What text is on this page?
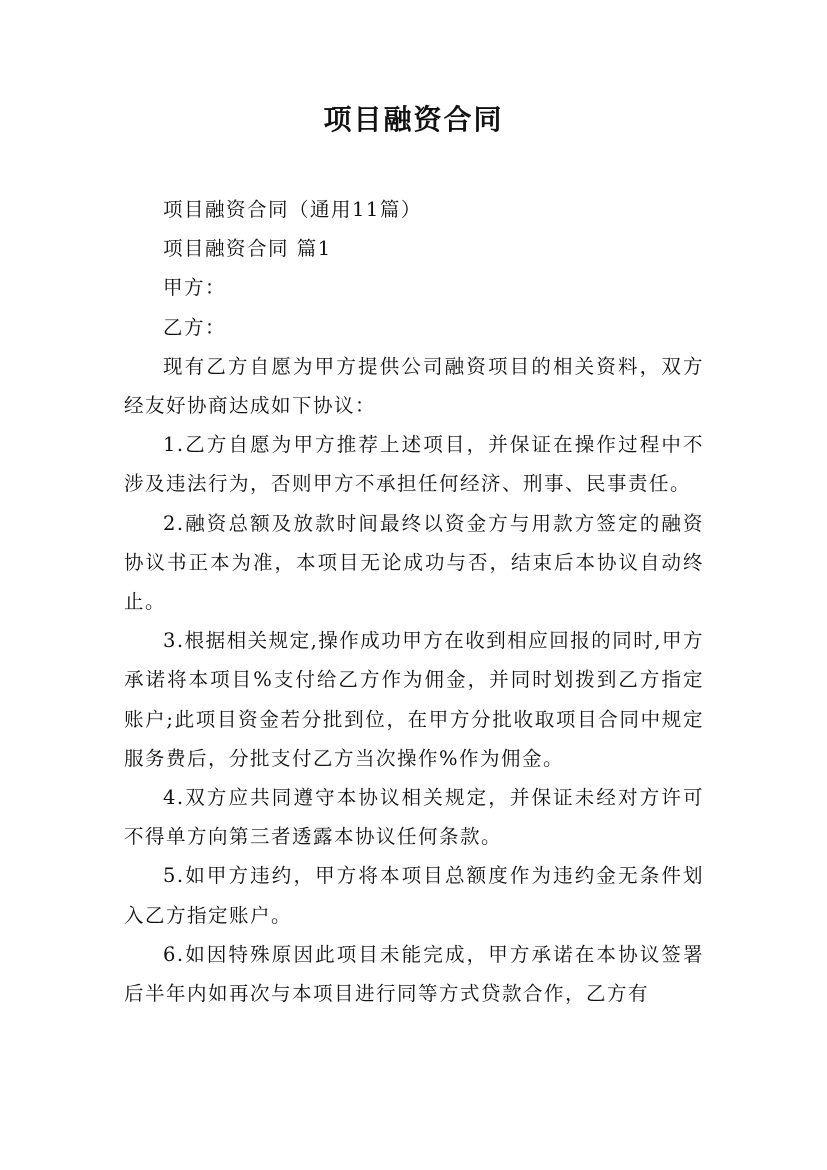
项目融资合同

项目融资合同（通用11篇）

项目融资合同 篇1

甲方：

乙方：

现有乙方自愿为甲方提供公司融资项目的相关资料，双方经友好协商达成如下协议：

1.乙方自愿为甲方推荐上述项目，并保证在操作过程中不涉及违法行为，否则甲方不承担任何经济、刑事、民事责任。

2.融资总额及放款时间最终以资金方与用款方签定的融资协议书正本为准，本项目无论成功与否，结束后本协议自动终止。

3.根据相关规定,操作成功甲方在收到相应回报的同时,甲方承诺将本项目%支付给乙方作为佣金，并同时划拨到乙方指定账户;此项目资金若分批到位，在甲方分批收取项目合同中规定服务费后，分批支付乙方当次操作%作为佣金。

4.双方应共同遵守本协议相关规定，并保证未经对方许可不得单方向第三者透露本协议任何条款。

5.如甲方违约，甲方将本项目总额度作为违约金无条件划入乙方指定账户。

6.如因特殊原因此项目未能完成，甲方承诺在本协议签署后半年内如再次与本项目进行同等方式贷款合作，乙方有
